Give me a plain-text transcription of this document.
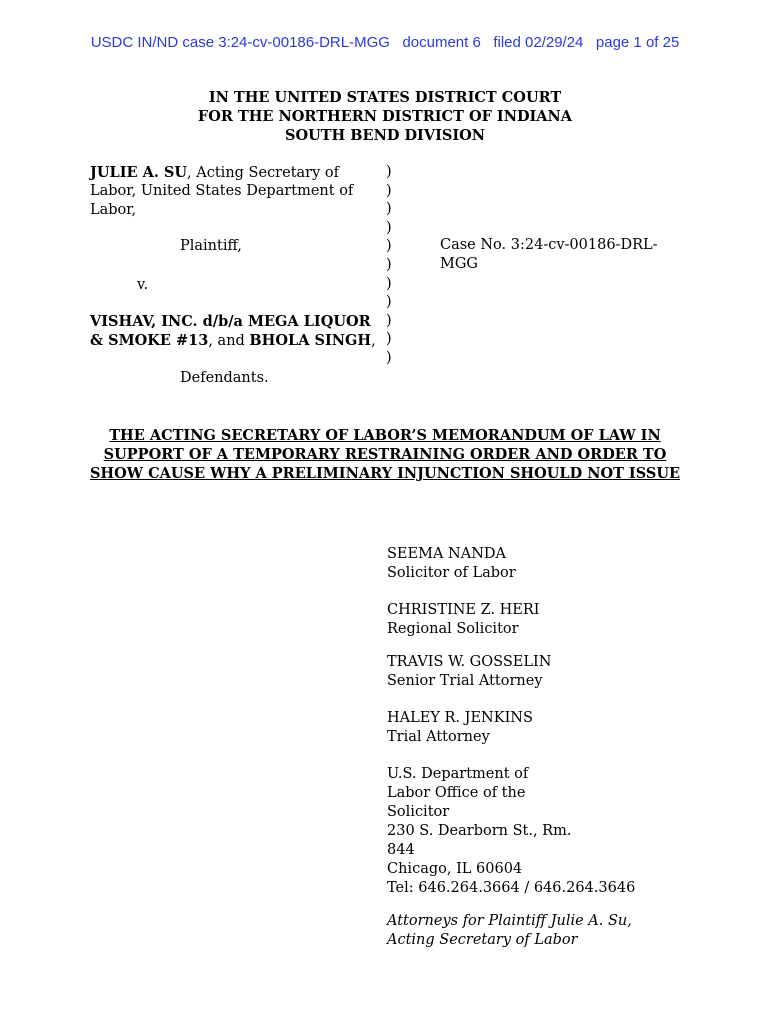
USDC IN/ND case 3:24-cv-00186-DRL-MGG   document 6   filed 02/29/24   page 1 of 25
IN THE UNITED STATES DISTRICT COURT
FOR THE NORTHERN DISTRICT OF INDIANA
SOUTH BEND DIVISION
JULIE A. SU, Acting Secretary of
Labor, United States Department of
Labor,
Plaintiff,
v.
VISHAV, INC. d/b/a MEGA LIQUOR
& SMOKE #13, and BHOLA SINGH,
Defendants.
)
)
)
)
)
)
)
)
)
)
)
Case No. 3:24-cv-00186-DRL-
MGG
THE ACTING SECRETARY OF LABOR’S MEMORANDUM OF LAW IN
SUPPORT OF A TEMPORARY RESTRAINING ORDER AND ORDER TO
SHOW CAUSE WHY A PRELIMINARY INJUNCTION SHOULD NOT ISSUE
SEEMA NANDA
Solicitor of Labor
CHRISTINE Z. HERI
Regional Solicitor
TRAVIS W. GOSSELIN
Senior Trial Attorney
HALEY R. JENKINS
Trial Attorney
U.S. Department of
Labor Office of the
Solicitor
230 S. Dearborn St., Rm.
844
Chicago, IL 60604
Tel: 646.264.3664 / 646.264.3646
Attorneys for Plaintiff Julie A. Su,
Acting Secretary of Labor
